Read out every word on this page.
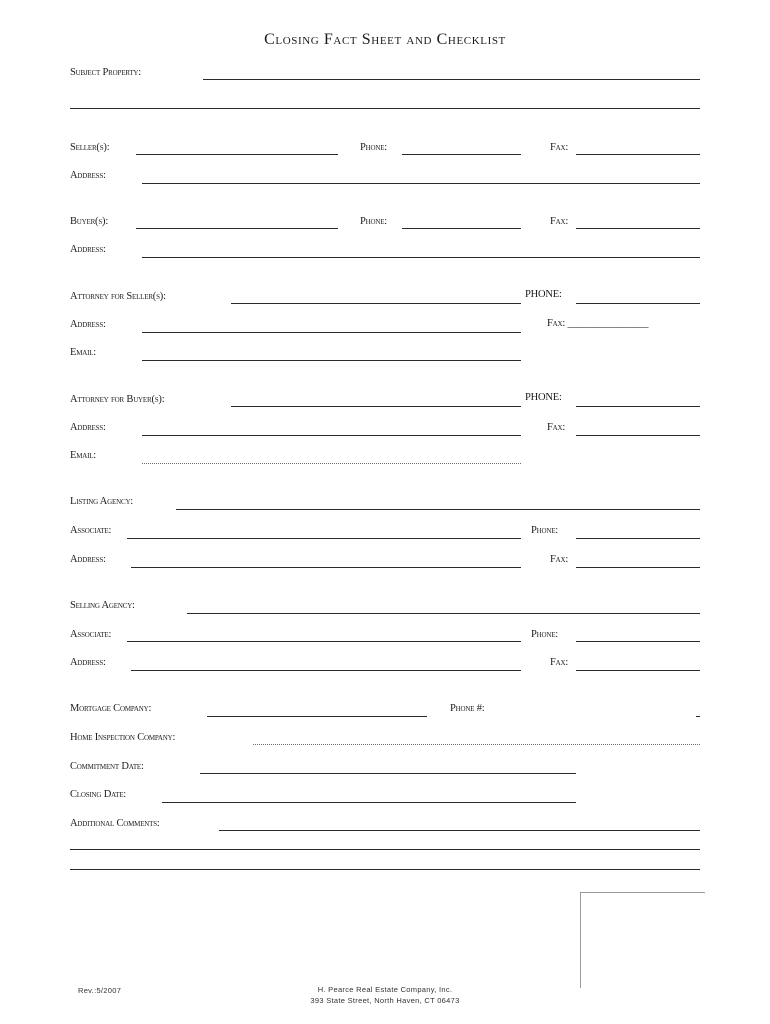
Closing Fact Sheet and Checklist
Subject Property:
Seller(s):	Phone:	Fax:
Address:
Buyer(s):	Phone:	Fax:
Address:
Attorney for Seller(s):	PHONE:
Address:	Fax: ________________
Email:
Attorney for Buyer(s):	PHONE:
Address:	Fax:
Email:
Listing Agency:
Associate:	Phone:
Address:	Fax:
Selling Agency:
Associate:	Phone:
Address:	Fax:
Mortgage Company:	Phone #:
Home Inspection Company:
Commitment Date:
Closing Date:
Additional Comments:
Rev.:5/2007	H. Pearce Real Estate Company, Inc.
393 State Street, North Haven, CT 06473
